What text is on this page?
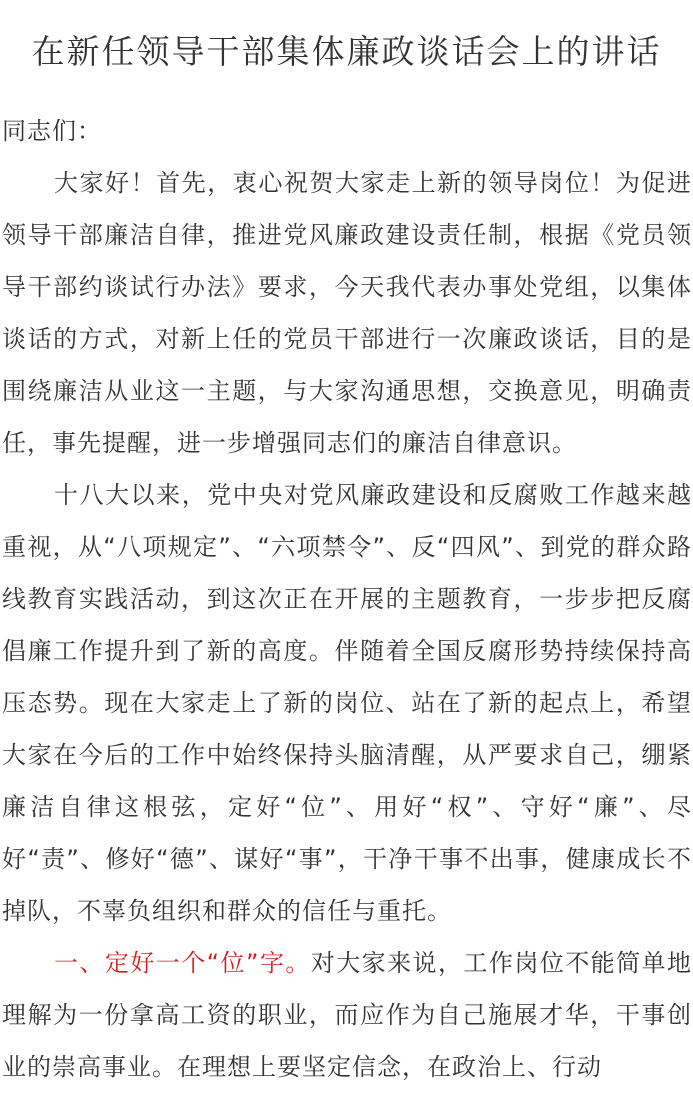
在新任领导干部集体廉政谈话会上的讲话

同志们：

大家好！首先，衷心祝贺大家走上新的领导岗位！为促进领导干部廉洁自律，推进党风廉政建设责任制，根据《党员领导干部约谈试行办法》要求，今天我代表办事处党组，以集体谈话的方式，对新上任的党员干部进行一次廉政谈话，目的是围绕廉洁从业这一主题，与大家沟通思想，交换意见，明确责任，事先提醒，进一步增强同志们的廉洁自律意识。

十八大以来，党中央对党风廉政建设和反腐败工作越来越重视，从“八项规定”、“六项禁令”、反“四风”、到党的群众路线教育实践活动，到这次正在开展的主题教育，一步步把反腐倡廉工作提升到了新的高度。伴随着全国反腐形势持续保持高压态势。现在大家走上了新的岗位、站在了新的起点上，希望大家在今后的工作中始终保持头脑清醒，从严要求自己，绷紧廉洁自律这根弦，定好“位”、用好“权”、守好“廉”、尽好“责”、修好“德”、谋好“事”，干净干事不出事，健康成长不掉队，不辜负组织和群众的信任与重托。

一、定好一个“位”字。对大家来说，工作岗位不能简单地理解为一份拿高工资的职业，而应作为自己施展才华，干事创业的崇高事业。在理想上要坚定信念，在政治上、行动
